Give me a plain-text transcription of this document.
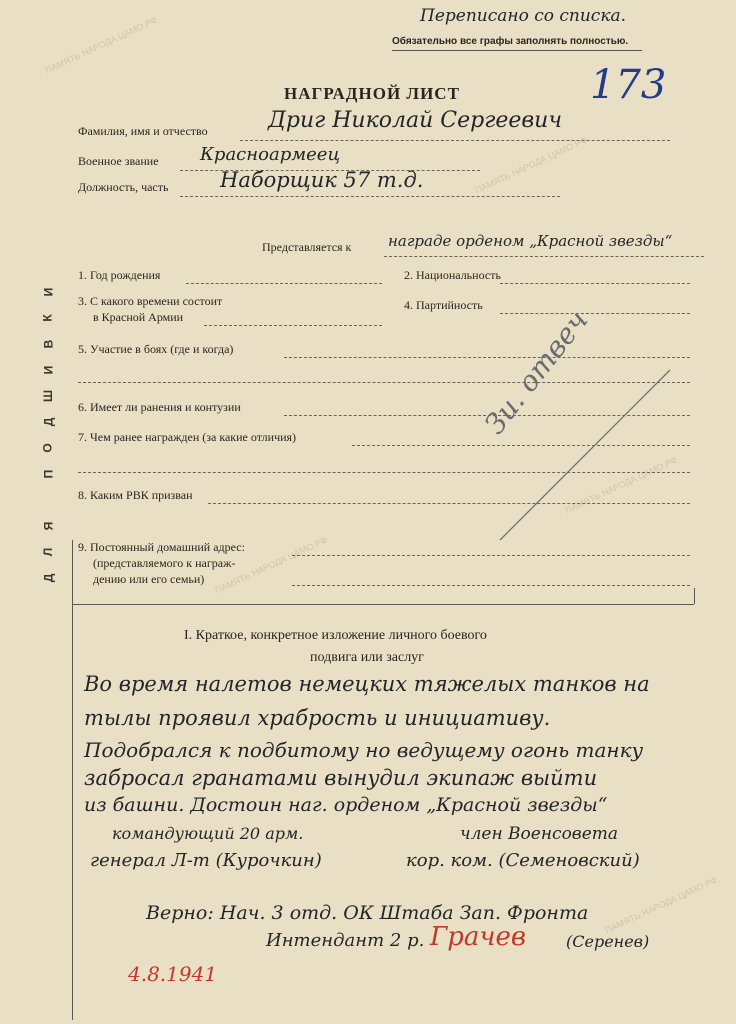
ПАМЯТЬ НАРОДА ЦАМО РФ
ПАМЯТЬ НАРОДА ЦАМО РФ
ПАМЯТЬ НАРОДА ЦАМО РФ
ПАМЯТЬ НАРОДА ЦАМО РФ
ПАМЯТЬ НАРОДА ЦАМО РФ
Переписано со списка.
Обязательно все графы заполнять полностью.
НАГРАДНОЙ ЛИСТ	173
Фамилия, имя и отчество	Дриг Николай Сергеевич
Военное звание Красноармеец
Должность, часть Наборщик 57 т.д.
Представляется к награде орденом „Красной звезды“
1. Год рождения	2. Национальность
3. С какого времени состоит
в Красной Армии
4. Партийность
5. Участие в боях (где и когда)
6. Имеет ли ранения и контузии
7. Чем ранее награжден (за какие отличия)
8. Каким РВК призван
9. Постоянный домашний адрес:
(представляемого к награж-
дению или его семьи)
Зи. отвеч
И
К
В
И
Ш
Д
О
П
Я
Л
Д
I. Краткое, конкретное изложение личного боевого
подвига или заслуг
Во время налетов немецких тяжелых танков на
тылы проявил храбрость и инициативу.
Подобрался к подбитому но ведущему огонь танку
забросал гранатами вынудил экипаж выйти
из башни. Достоин наг. орденом „Красной звезды“
командующий 20 арм.	член Военсовета
генерал Л-т (Курочкин)	кор. ком. (Семеновский)
Верно: Нач. 3 отд. ОК Штаба Зап. Фронта
Интендант 2 р. Грачев (Серенев)
4.8.1941
